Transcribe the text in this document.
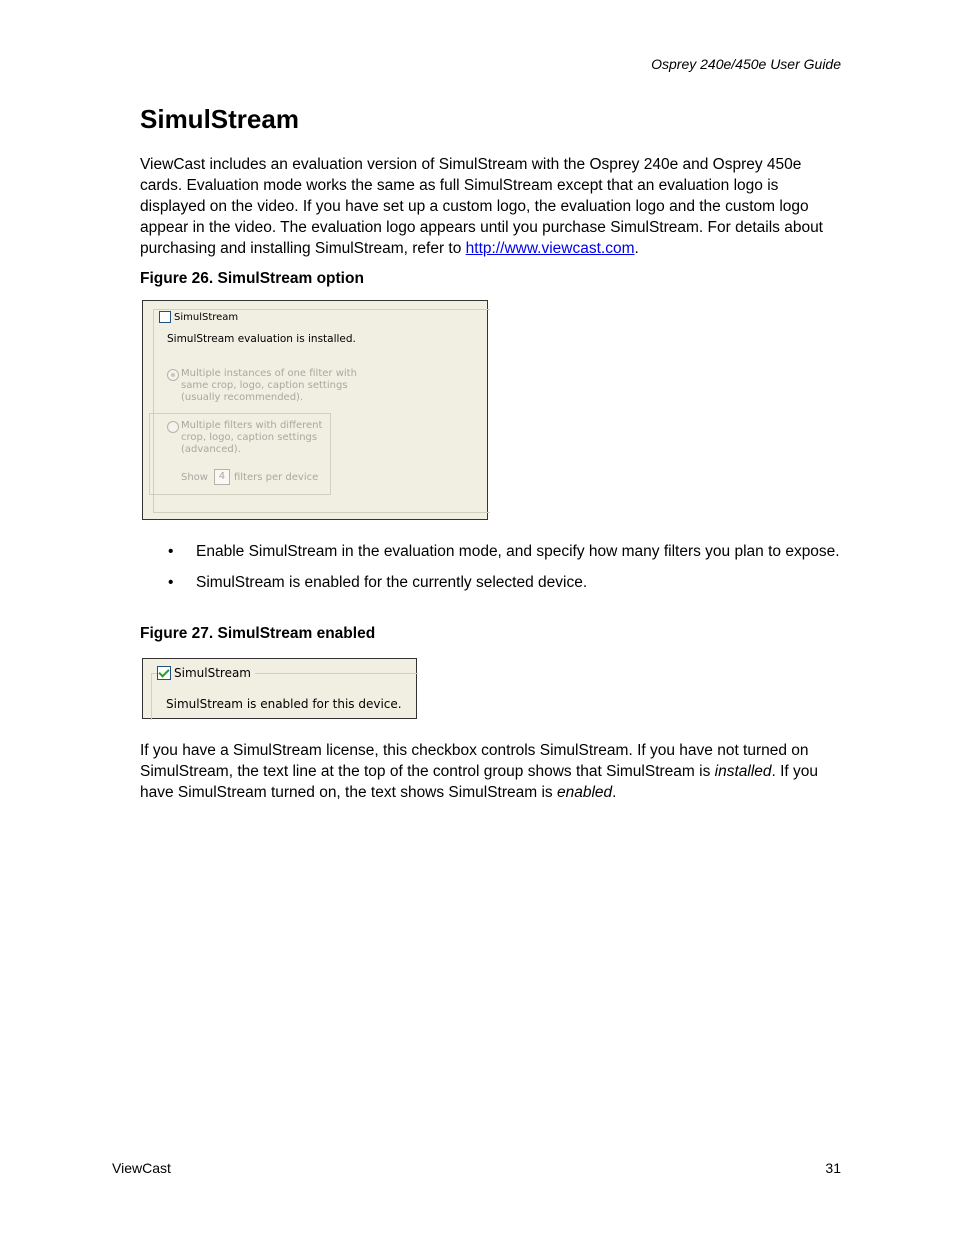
Osprey 240e/450e User Guide
SimulStream

ViewCast includes an evaluation version of SimulStream with the Osprey 240e and Osprey 450e cards. Evaluation mode works the same as full SimulStream except that an evaluation logo is displayed on the video. If you have set up a custom logo, the evaluation logo and the custom logo appear in the video. The evaluation logo appears until you purchase SimulStream. For details about purchasing and installing SimulStream, refer to http://www.viewcast.com.

Figure 26. SimulStream option
SimulStream
SimulStream evaluation is installed.
Multiple instances of one filter with
same crop, logo, caption settings
(usually recommended).
Multiple filters with different
crop, logo, caption settings
(advanced).
Show	4 filters per device
• Enable SimulStream in the evaluation mode, and specify how many filters you plan to expose.
• SimulStream is enabled for the currently selected device.
Figure 27. SimulStream enabled
SimulStream
SimulStream is enabled for this device.

If you have a SimulStream license, this checkbox controls SimulStream. If you have not turned on SimulStream, the text line at the top of the control group shows that SimulStream is installed. If you have SimulStream turned on, the text shows SimulStream is enabled.

ViewCast	31
